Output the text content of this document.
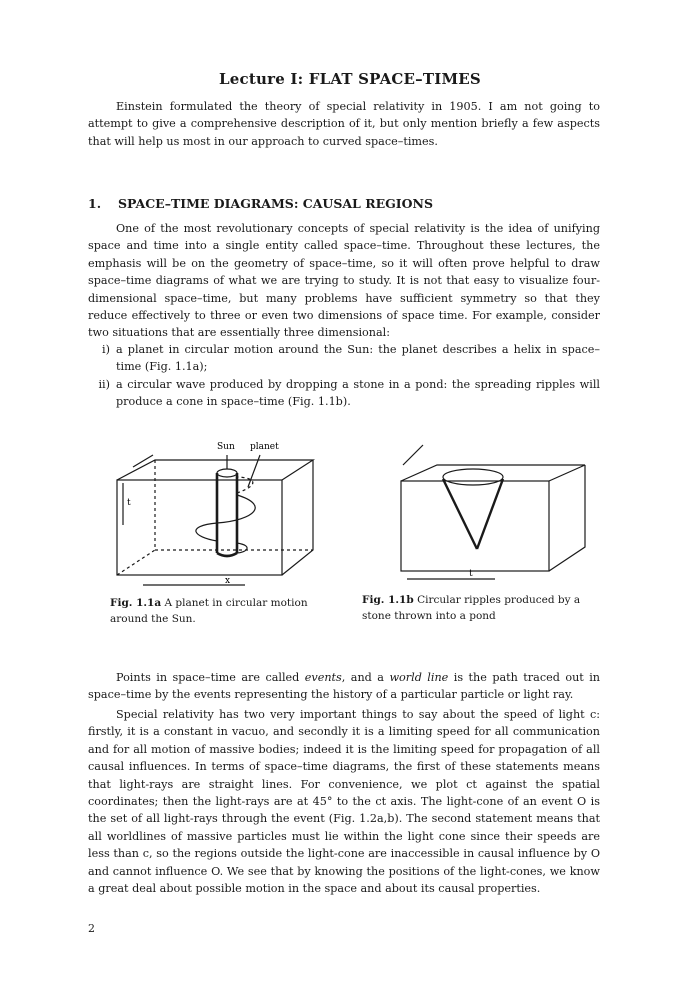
Lecture I: FLAT SPACE–TIMES
Einstein formulated the theory of special relativity in 1905. I am not going to attempt to give a comprehensive description of it, but only mention briefly a few aspects that will help us most in our approach to curved space–times.
1. SPACE–TIME DIAGRAMS: CAUSAL REGIONS
One of the most revolutionary concepts of special relativity is the idea of unifying space and time into a single entity called space–time. Throughout these lectures, the emphasis will be on the geometry of space–time, so it will often prove helpful to draw space–time diagrams of what we are trying to study. It is not that easy to visualize four-dimensional space–time, but many problems have sufficient symmetry so that they reduce effectively to three or even two dimensions of space time. For example, consider two situations that are essentially three dimensional:
i) a planet in circular motion around the Sun: the planet describes a helix in space–time (Fig. 1.1a);
ii) a circular wave produced by dropping a stone in a pond: the spreading ripples will produce a cone in space–time (Fig. 1.1b).
Sun planet
t
x
Fig. 1.1a A planet in circular motion around the Sun.
t
Fig. 1.1b Circular ripples produced by a stone thrown into a pond
Points in space–time are called events, and a world line is the path traced out in space–time by the events representing the history of a particular particle or light ray.
Special relativity has two very important things to say about the speed of light c: firstly, it is a constant in vacuo, and secondly it is a limiting speed for all communication and for all motion of massive bodies; indeed it is the limiting speed for propagation of all causal influences. In terms of space–time diagrams, the first of these statements means that light-rays are straight lines. For convenience, we plot ct against the spatial coordinates; then the light-rays are at 45° to the ct axis. The light-cone of an event O is the set of all light-rays through the event (Fig. 1.2a,b). The second statement means that all worldlines of massive particles must lie within the light cone since their speeds are less than c, so the regions outside the light-cone are inaccessible in causal influence by O and cannot influence O. We see that by knowing the positions of the light-cones, we know a great deal about possible motion in the space and about its causal properties.
2
